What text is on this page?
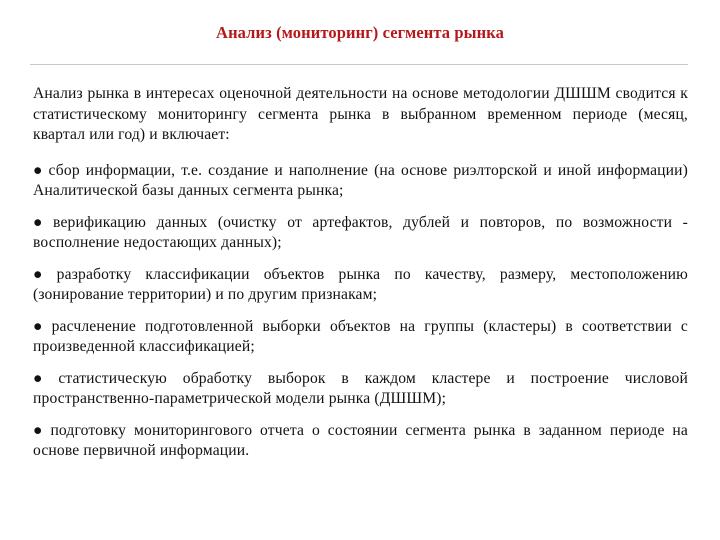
Анализ (мониторинг) сегмента рынка

Анализ рынка в интересах оценочной деятельности на основе методологии ДШШМ сводится к статистическому мониторингу сегмента рынка в выбранном временном периоде (месяц, квартал или год) и включает:

● сбор информации, т.е. создание и наполнение (на основе риэлторской и иной информации) Аналитической базы данных сегмента рынка;

● верификацию данных (очистку от артефактов, дублей и повторов, по возможности - восполнение недостающих данных);

● разработку классификации объектов рынка по качеству, размеру, местоположению (зонирование территории) и по другим признакам;

● расчленение подготовленной выборки объектов на группы (кластеры) в соответствии с произведенной классификацией;

● статистическую обработку выборок в каждом кластере и построение числовой пространственно-параметрической модели рынка (ДШШМ);

● подготовку мониторингового отчета о состоянии сегмента рынка в заданном периоде на основе первичной информации.
